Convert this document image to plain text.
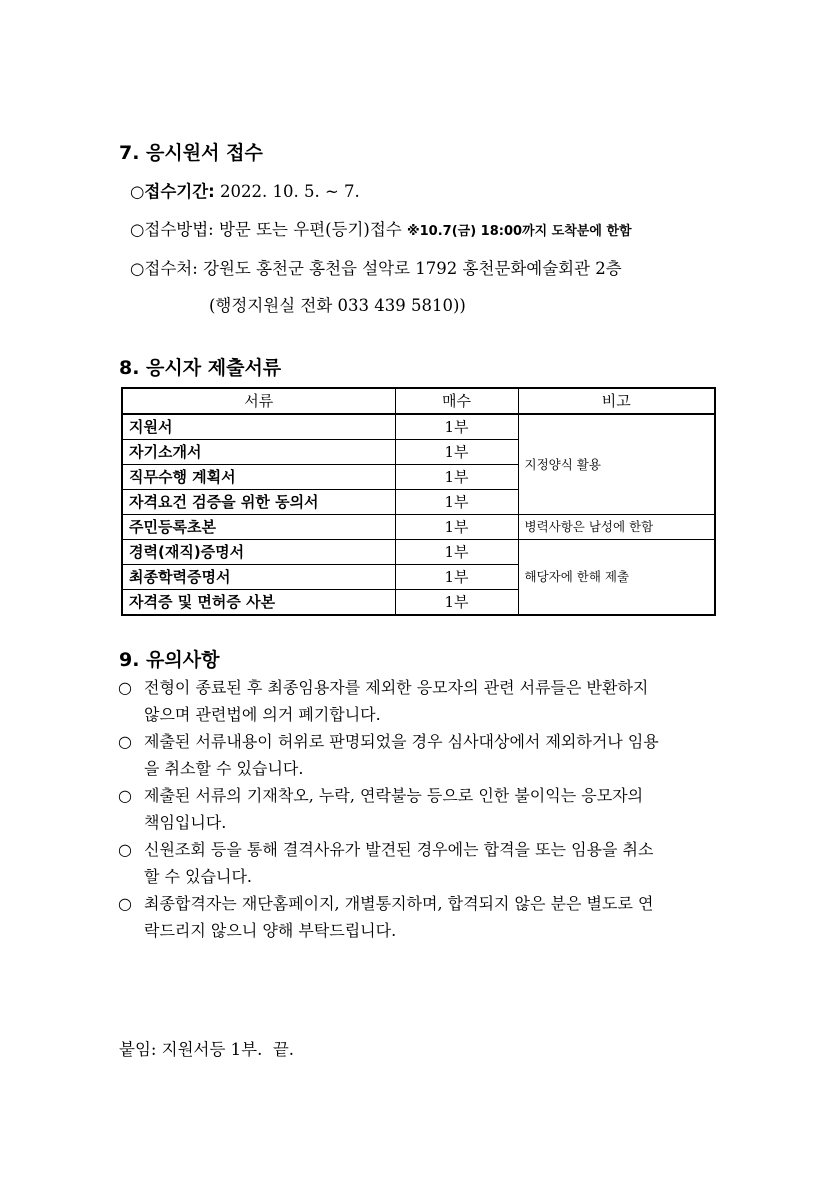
7. 응시원서 접수
○접수기간: 2022. 10. 5. ~ 7.
○접수방법: 방문 또는 우편(등기)접수 ※10.7(금) 18:00까지 도착분에 한함
○접수처: 강원도 홍천군 홍천읍 설악로 1792 홍천문화예술회관 2층
(행정지원실 전화 033 439 5810))
8. 응시자 제출서류
서류	매수	비고
지원서	1부	지정양식 활용
자기소개서	1부	
직무수행 계획서	1부	
자격요건 검증을 위한 동의서	1부	
주민등록초본	1부	병력사항은 남성에 한함
경력(재직)증명서	1부	해당자에 한해 제출
최종학력증명서	1부	
자격증 및 면허증 사본	1부	
9. 유의사항
○ 전형이 종료된 후 최종임용자를 제외한 응모자의 관련 서류들은 반환하지
않으며 관련법에 의거 폐기합니다.
○ 제출된 서류내용이 허위로 판명되었을 경우 심사대상에서 제외하거나 임용
을 취소할 수 있습니다.
○ 제출된 서류의 기재착오, 누락, 연락불능 등으로 인한 불이익는 응모자의
책임입니다.
○ 신원조회 등을 통해 결격사유가 발견된 경우에는 합격을 또는 임용을 취소
할 수 있습니다.
○ 최종합격자는 재단홈페이지, 개별통지하며, 합격되지 않은 분은 별도로 연
락드리지 않으니 양해 부탁드립니다.
붙임: 지원서등 1부.  끝.
